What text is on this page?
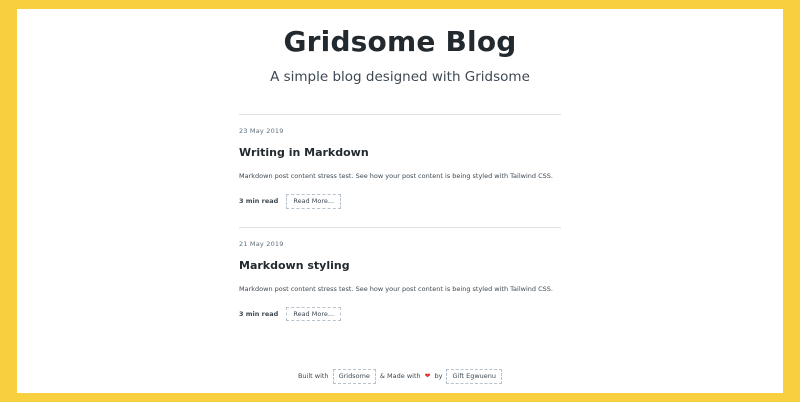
Gridsome Blog
A simple blog designed with Gridsome
23 May 2019
Writing in Markdown

Markdown post content stress test. See how your post content is being styled with Tailwind CSS.

3 min read	Read More...
21 May 2019
Markdown styling

Markdown post content stress test. See how your post content is being styled with Tailwind CSS.

3 min read	Read More...
Built with	Gridsome	& Made with ❤ by	Gift Egwuenu
